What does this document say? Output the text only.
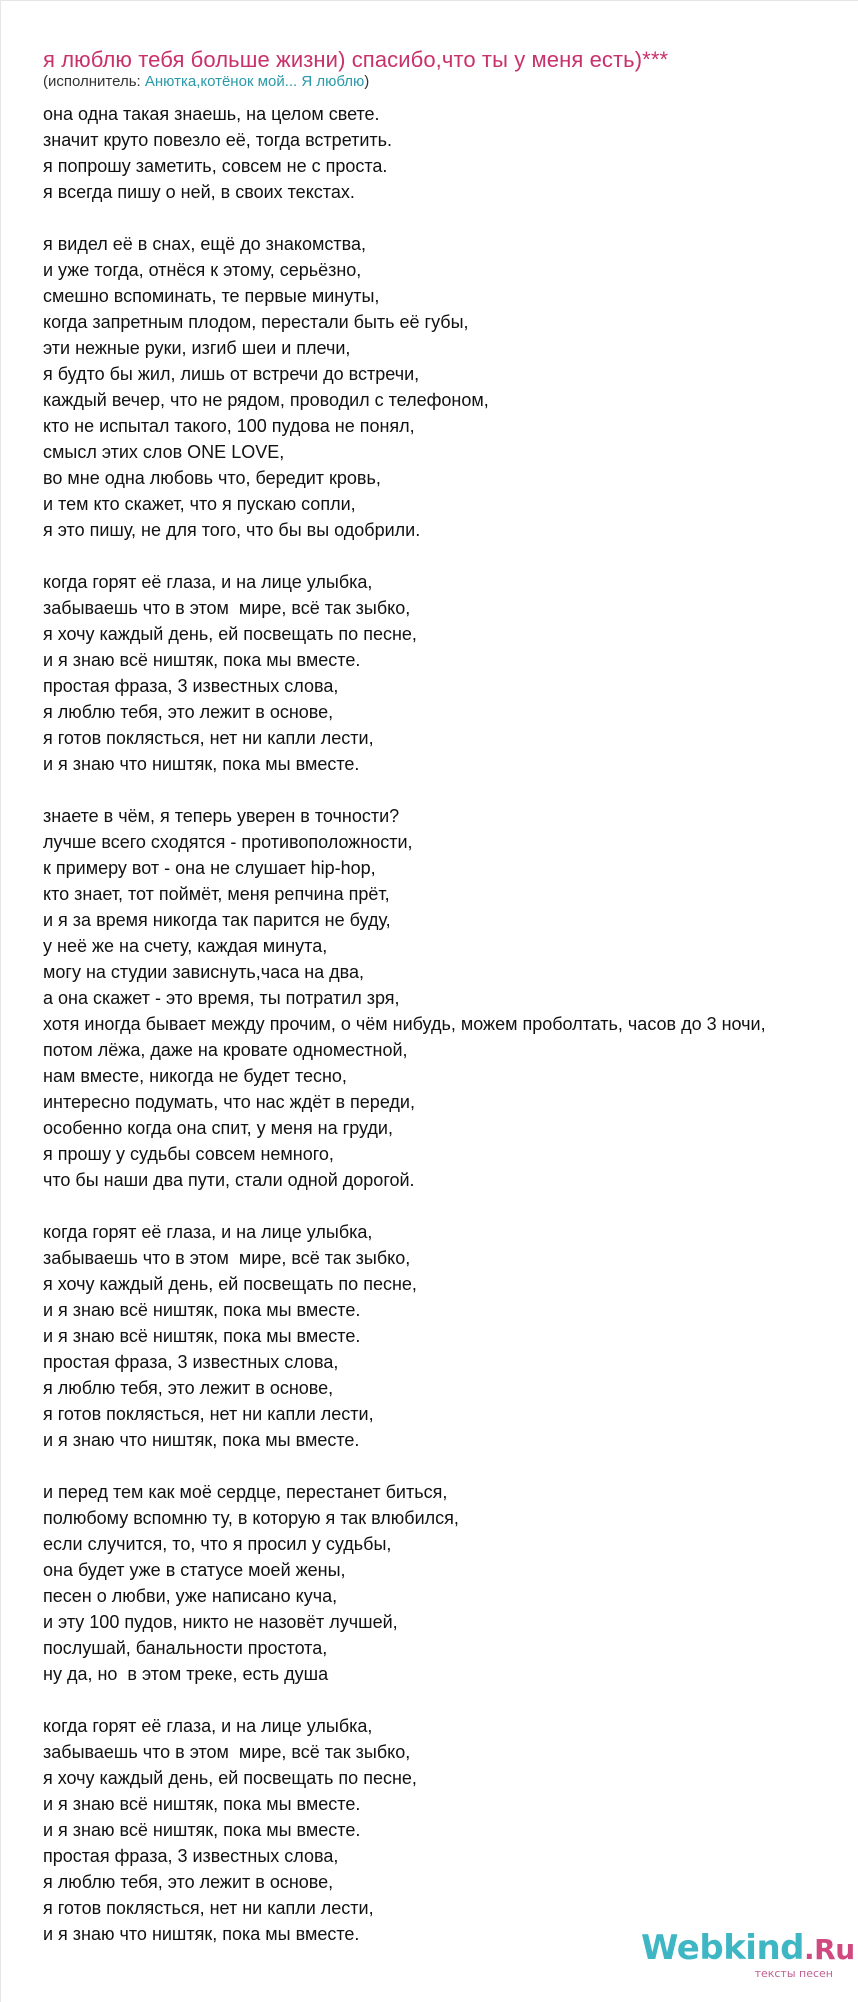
я люблю тебя больше жизни) спасибо,что ты у меня есть)***
(исполнитель: Анютка,котёнок мой... Я люблю)
она одна такая знаешь, на целом свете.
значит круто повезло её, тогда встретить.
я попрошу заметить, совсем не с проста.
я всегда пишу о ней, в своих текстах.

я видел её в снах, ещё до знакомства,
и уже тогда, отнёся к этому, серьёзно,
смешно вспоминать, те первые минуты,
когда запретным плодом, перестали быть её губы,
эти нежные руки, изгиб шеи и плечи,
я будто бы жил, лишь от встречи до встречи,
каждый вечер, что не рядом, проводил с телефоном,
кто не испытал такого, 100 пудова не понял,
смысл этих слов ONE LOVE,
во мне одна любовь что, бередит кровь,
и тем кто скажет, что я пускаю сопли,
я это пишу, не для того, что бы вы одобрили.

когда горят её глаза, и на лице улыбка,
забываешь что в этом  мире, всё так зыбко,
я хочу каждый день, ей посвещать по песне,
и я знаю всё ништяк, пока мы вместе.
простая фраза, 3 известных слова,
я люблю тебя, это лежит в основе,
я готов поклясться, нет ни капли лести,
и я знаю что ништяк, пока мы вместе.

знаете в чём, я теперь уверен в точности?
лучше всего сходятся - противоположности,
к примеру вот - она не слушает hip-hop,
кто знает, тот поймёт, меня репчина прёт,
и я за время никогда так парится не буду,
у неё же на счету, каждая минута,
могу на студии зависнуть,часа на два,
а она скажет - это время, ты потратил зря,
хотя иногда бывает между прочим, о чём нибудь, можем проболтать, часов до 3 ночи,
потом лёжа, даже на кровате одноместной,
нам вместе, никогда не будет тесно,
интересно подумать, что нас ждёт в переди,
особенно когда она спит, у меня на груди,
я прошу у судьбы совсем немного,
что бы наши два пути, стали одной дорогой.

когда горят её глаза, и на лице улыбка,
забываешь что в этом  мире, всё так зыбко,
я хочу каждый день, ей посвещать по песне,
и я знаю всё ништяк, пока мы вместе.
и я знаю всё ништяк, пока мы вместе.
простая фраза, 3 известных слова,
я люблю тебя, это лежит в основе,
я готов поклясться, нет ни капли лести,
и я знаю что ништяк, пока мы вместе.

и перед тем как моё сердце, перестанет биться,
полюбому вспомню ту, в которую я так влюбился,
если случится, то, что я просил у судьбы,
она будет уже в статусе моей жены,
песен о любви, уже написано куча,
и эту 100 пудов, никто не назовёт лучшей,
послушай, банальности простота,
ну да, но  в этом треке, есть душа

когда горят её глаза, и на лице улыбка,
забываешь что в этом  мире, всё так зыбко,
я хочу каждый день, ей посвещать по песне,
и я знаю всё ништяк, пока мы вместе.
и я знаю всё ништяк, пока мы вместе.
простая фраза, 3 известных слова,
я люблю тебя, это лежит в основе,
я готов поклясться, нет ни капли лести,
и я знаю что ништяк, пока мы вместе.	Webkind.Ru
тексты песен
